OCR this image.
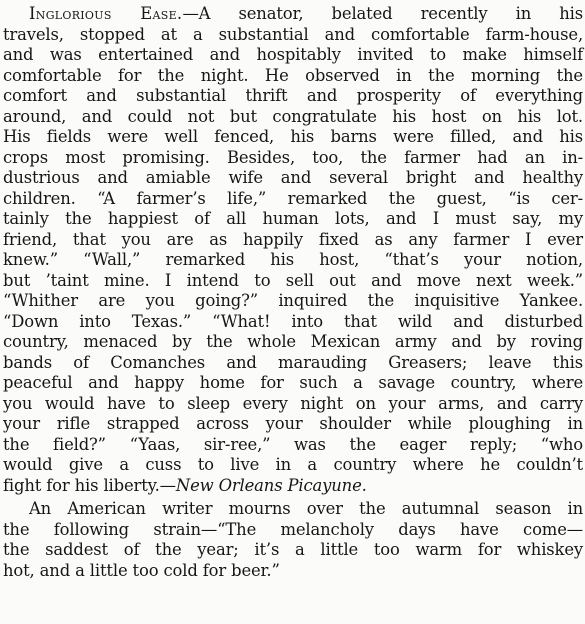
Inglorious Ease.—A senator, belated recently in his
travels, stopped at a substantial and comfortable farm-house,
and was entertained and hospitably invited to make himself
comfortable for the night. He observed in the morning the
comfort and substantial thrift and prosperity of everything
around, and could not but congratulate his host on his lot.
His fields were well fenced, his barns were filled, and his
crops most promising. Besides, too, the farmer had an in-
dustrious and amiable wife and several bright and healthy
children. “A farmer’s life,” remarked the guest, “is cer-
tainly the happiest of all human lots, and I must say, my
friend, that you are as happily fixed as any farmer I ever
knew.” “Wall,” remarked his host, “that’s your notion,
but ’taint mine. I intend to sell out and move next week.”
“Whither are you going?” inquired the inquisitive Yankee.
“Down into Texas.” “What! into that wild and disturbed
country, menaced by the whole Mexican army and by roving
bands of Comanches and marauding Greasers; leave this
peaceful and happy home for such a savage country, where
you would have to sleep every night on your arms, and carry
your rifle strapped across your shoulder while ploughing in
the field?” “Yaas, sir-ree,” was the eager reply; “who
would give a cuss to live in a country where he couldn’t
fight for his liberty.—New Orleans Picayune.
An American writer mourns over the autumnal season in
the following strain—“The melancholy days have come—
the saddest of the year; it’s a little too warm for whiskey
hot, and a little too cold for beer.”
